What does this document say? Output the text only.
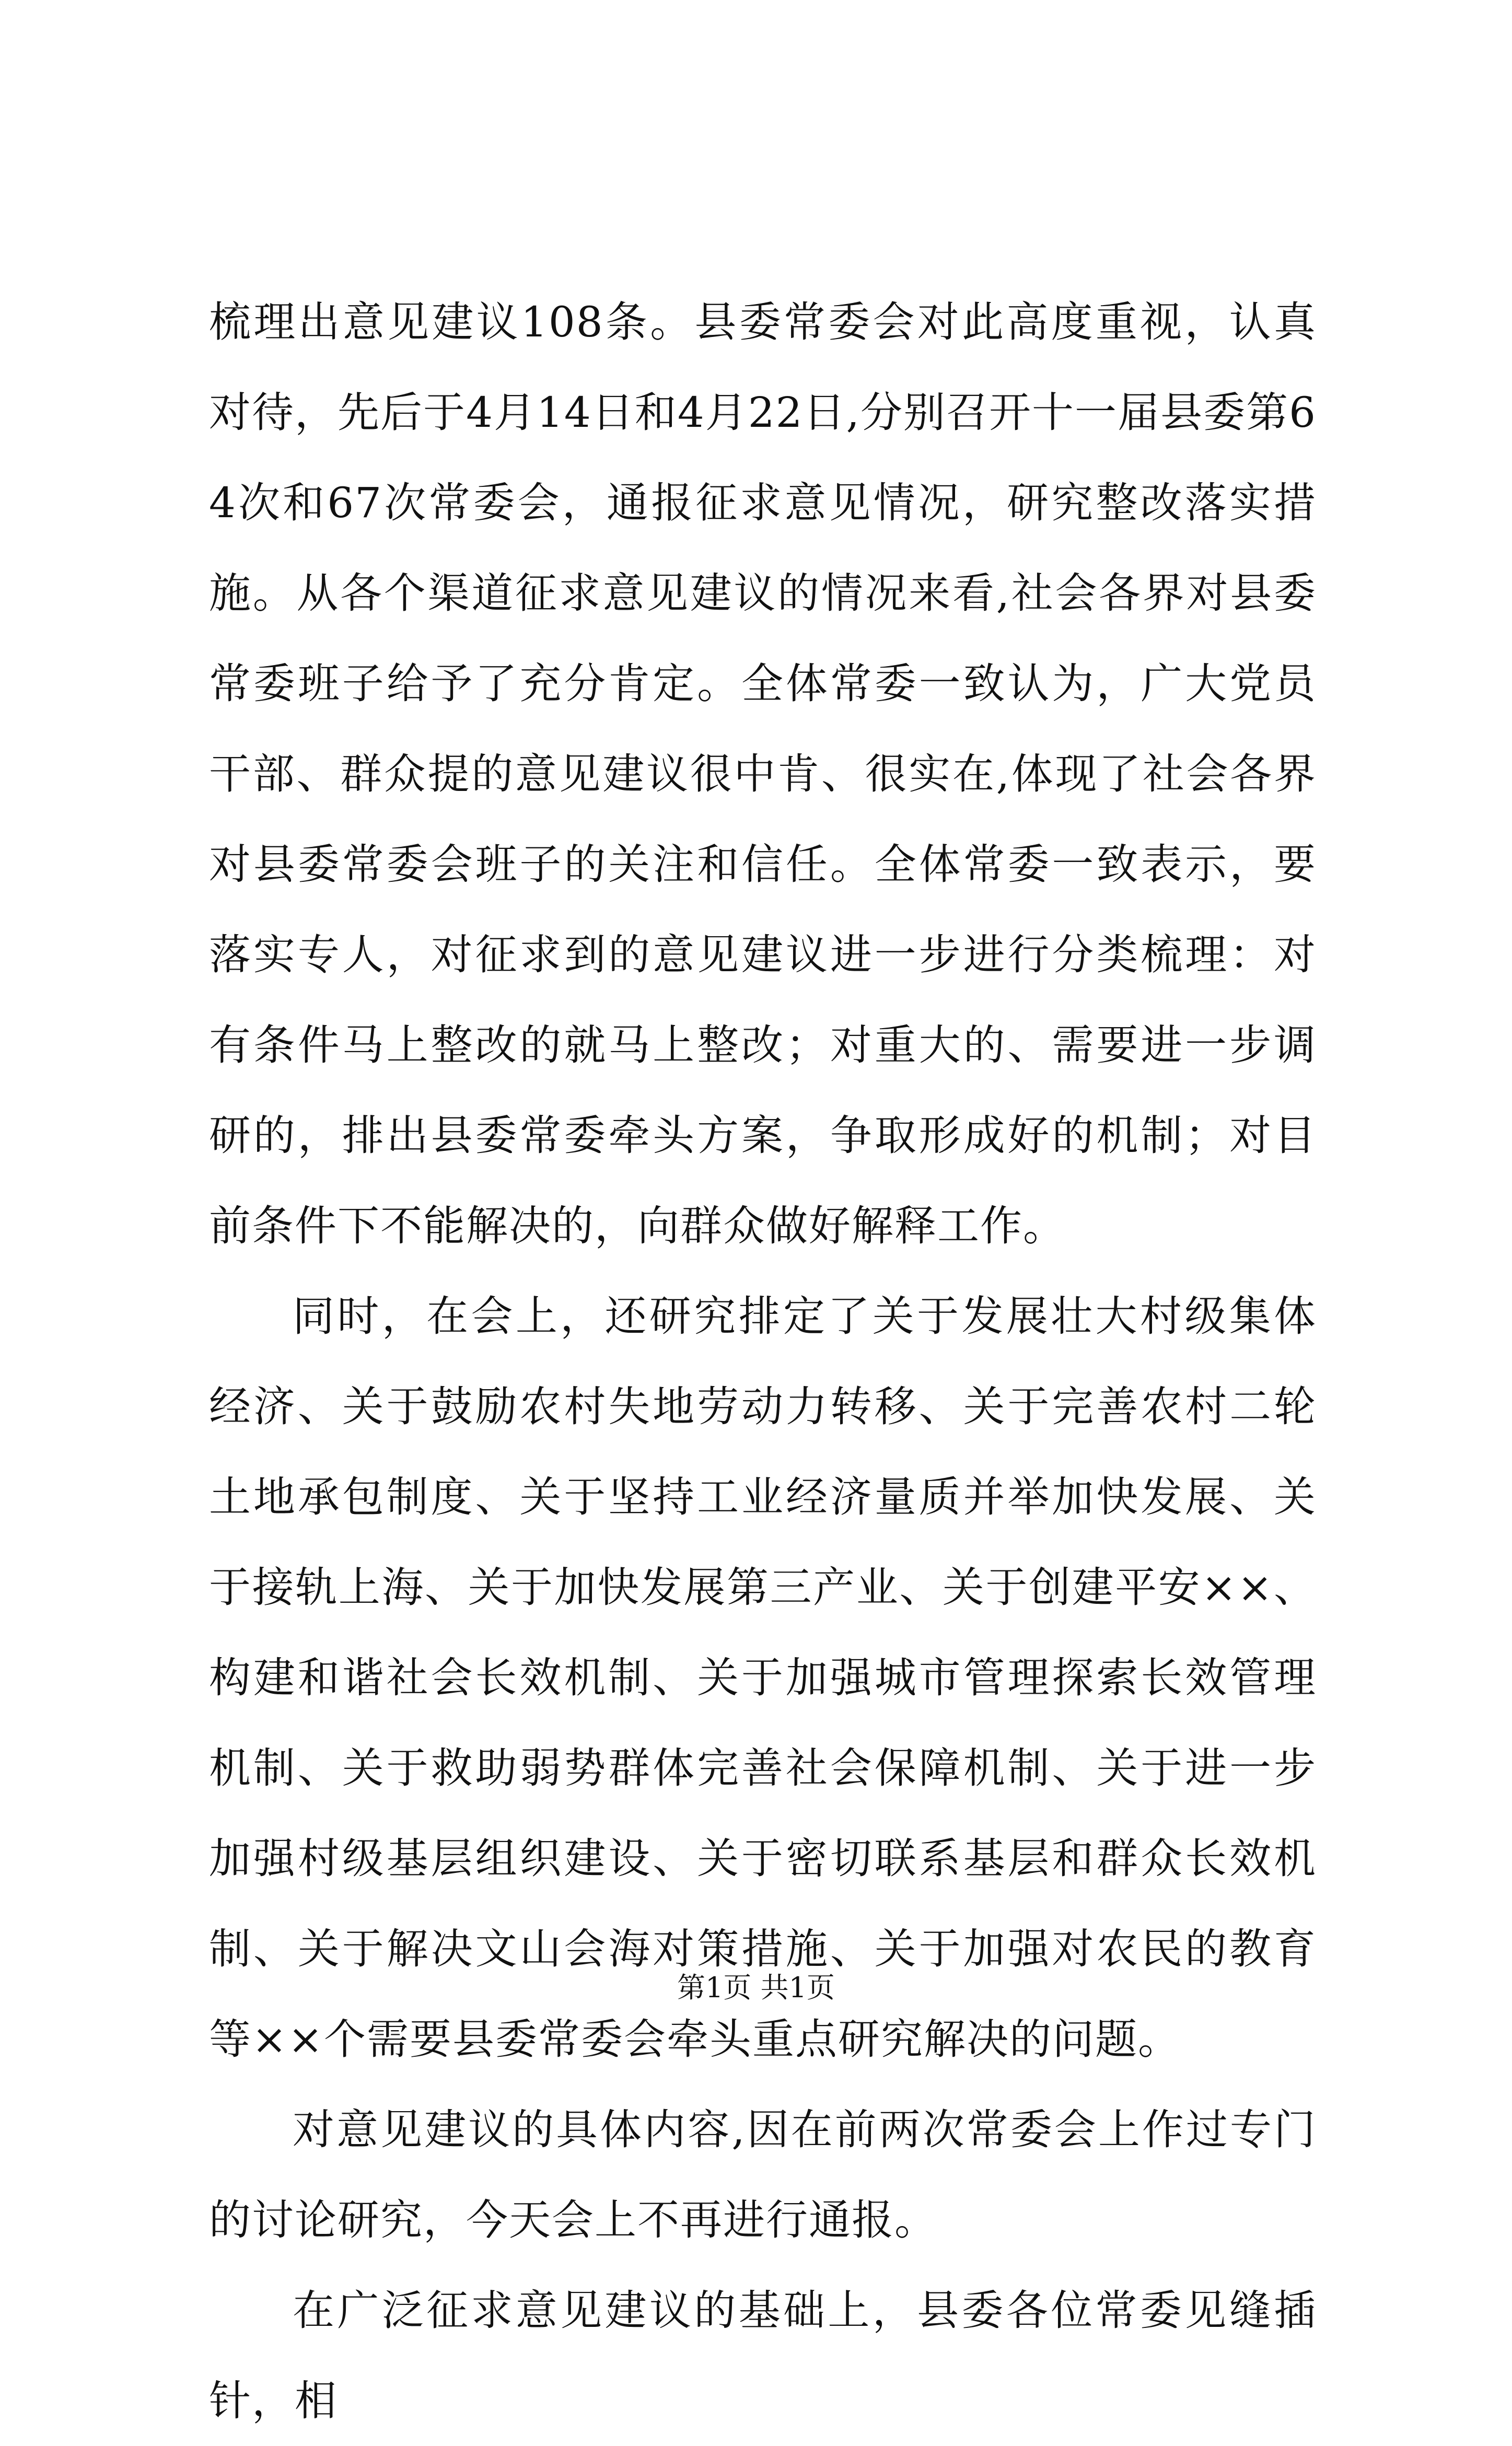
梳理出意见建议108条。县委常委会对此高度重视，认真对待，先后于4月14日和4月22日,分别召开十一届县委第64次和67次常委会，通报征求意见情况，研究整改落实措施。从各个渠道征求意见建议的情况来看,社会各界对县委常委班子给予了充分肯定。全体常委一致认为，广大党员干部、群众提的意见建议很中肯、很实在,体现了社会各界对县委常委会班子的关注和信任。全体常委一致表示，要落实专人，对征求到的意见建议进一步进行分类梳理：对有条件马上整改的就马上整改；对重大的、需要进一步调研的，排出县委常委牵头方案，争取形成好的机制；对目前条件下不能解决的，向群众做好解释工作。

同时，在会上，还研究排定了关于发展壮大村级集体经济、关于鼓励农村失地劳动力转移、关于完善农村二轮土地承包制度、关于坚持工业经济量质并举加快发展、关于接轨上海、关于加快发展第三产业、关于创建平安××、构建和谐社会长效机制、关于加强城市管理探索长效管理机制、关于救助弱势群体完善社会保障机制、关于进一步加强村级基层组织建设、关于密切联系基层和群众长效机制、关于解决文山会海对策措施、关于加强对农民的教育等××个需要县委常委会牵头重点研究解决的问题。

对意见建议的具体内容,因在前两次常委会上作过专门的讨论研究，今天会上不再进行通报。

在广泛征求意见建议的基础上，县委各位常委见缝插针，相

第1页 共1页
